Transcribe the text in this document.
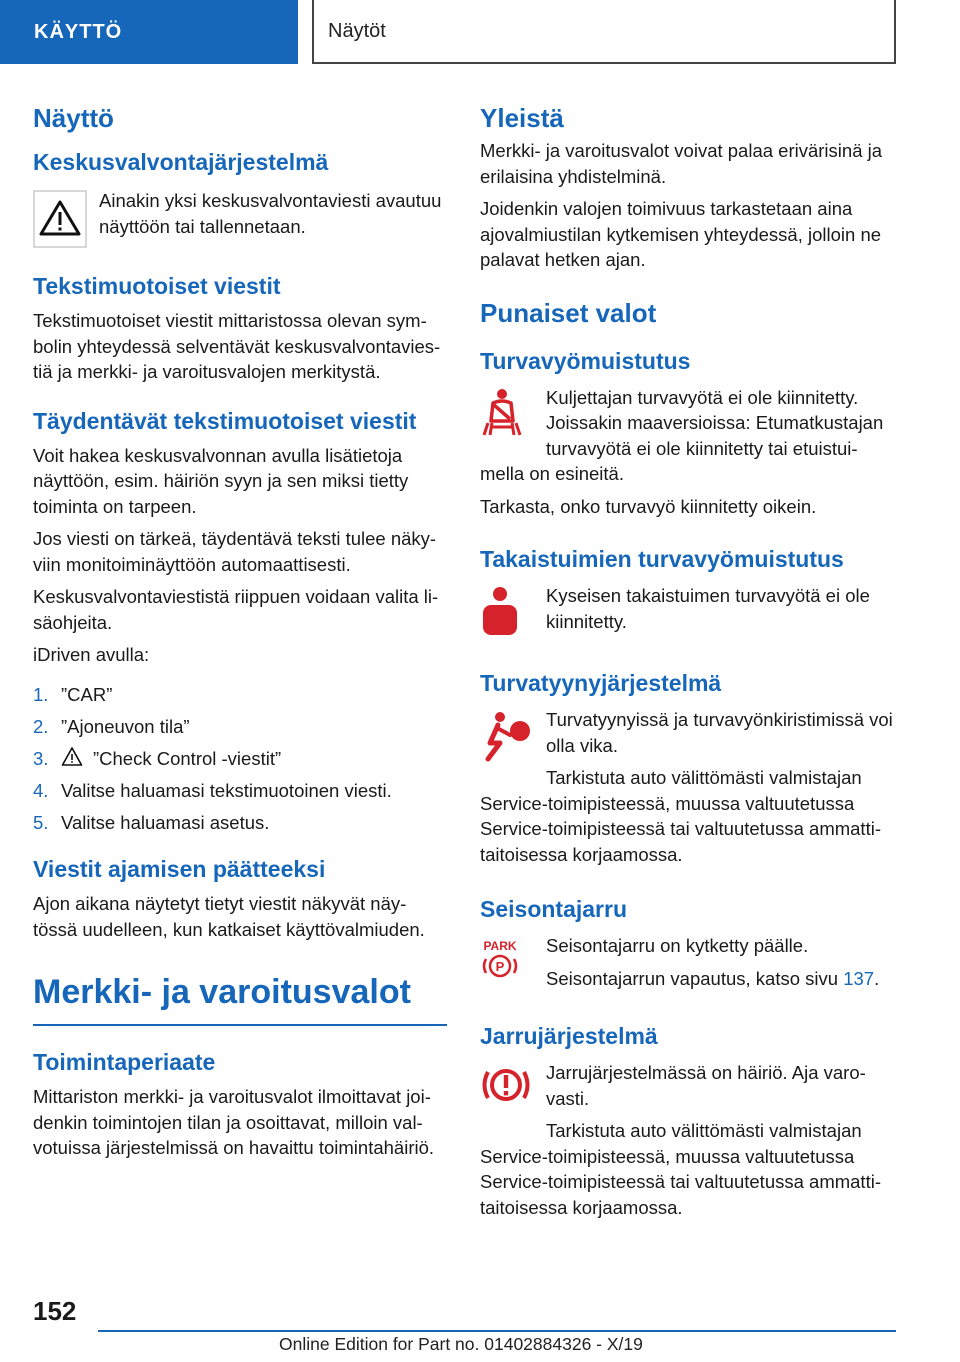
KÄYTTÖ	Näytöt
Näyttö
Keskusvalvontajärjestelmä

Ainakin yksi keskusvalvontaviesti avautuu näyttöön tai tallennetaan.

Tekstimuotoiset viestit

Tekstimuotoiset viestit mittaristossa olevan sym-bolin yhteydessä selventävät keskusvalvontavies-tiä ja merkki- ja varoitusvalojen merkitystä.

Täydentävät tekstimuotoiset viestit

Voit hakea keskusvalvonnan avulla lisätietoja näyttöön, esim. häiriön syyn ja sen miksi tietty toiminta on tarpeen.

Jos viesti on tärkeä, täydentävä teksti tulee näky-viin monitoiminäyttöön automaattisesti.

Keskusvalvontaviestistä riippuen voidaan valita li-säohjeita.

iDriven avulla:

1. ”CAR”
2. ”Ajoneuvon tila”
3.	”Check Control -viestit”
4. Valitse haluamasi tekstimuotoinen viesti.
5. Valitse haluamasi asetus.
Viestit ajamisen päätteeksi

Ajon aikana näytetyt tietyt viestit näkyvät näy-tössä uudelleen, kun katkaiset käyttövalmiuden.

Merkki- ja varoitusvalot
Toimintaperiaate

Mittariston merkki- ja varoitusvalot ilmoittavat joi-denkin toimintojen tilan ja osoittavat, milloin val-votuissa järjestelmissä on havaittu toimintahäiriö.

Yleistä

Merkki- ja varoitusvalot voivat palaa erivärisinä ja erilaisina yhdistelminä.

Joidenkin valojen toimivuus tarkastetaan aina ajovalmiustilan kytkemisen yhteydessä, jolloin ne palavat hetken ajan.

Punaiset valot
Turvavyömuistutus

Kuljettajan turvavyötä ei ole kiinnitetty. Joissakin maaversioissa: Etumatkustajan turvavyötä ei ole kiinnitetty tai etuistui-

mella on esineitä.

Tarkasta, onko turvavyö kiinnitetty oikein.

Takaistuimien turvavyömuistutus

Kyseisen takaistuimen turvavyötä ei ole kiinnitetty.

Turvatyynyjärjestelmä

Turvatyynyissä ja turvavyönkiristimissä voi olla vika.

Tarkistuta auto välittömästi valmistajan

Service-toimipisteessä, muussa valtuutetussa Service-toimipisteessä tai valtuutetussa ammatti-taitoisessa korjaamossa.

Seisontajarru
PARK
P

Seisontajarru on kytketty päälle.

Seisontajarrun vapautus, katso sivu 137.

Jarrujärjestelmä

Jarrujärjestelmässä on häiriö. Aja varo-vasti.

Tarkistuta auto välittömästi valmistajan

Service-toimipisteessä, muussa valtuutetussa Service-toimipisteessä tai valtuutetussa ammatti-taitoisessa korjaamossa.

152
Online Edition for Part no. 01402884326 - X/19
